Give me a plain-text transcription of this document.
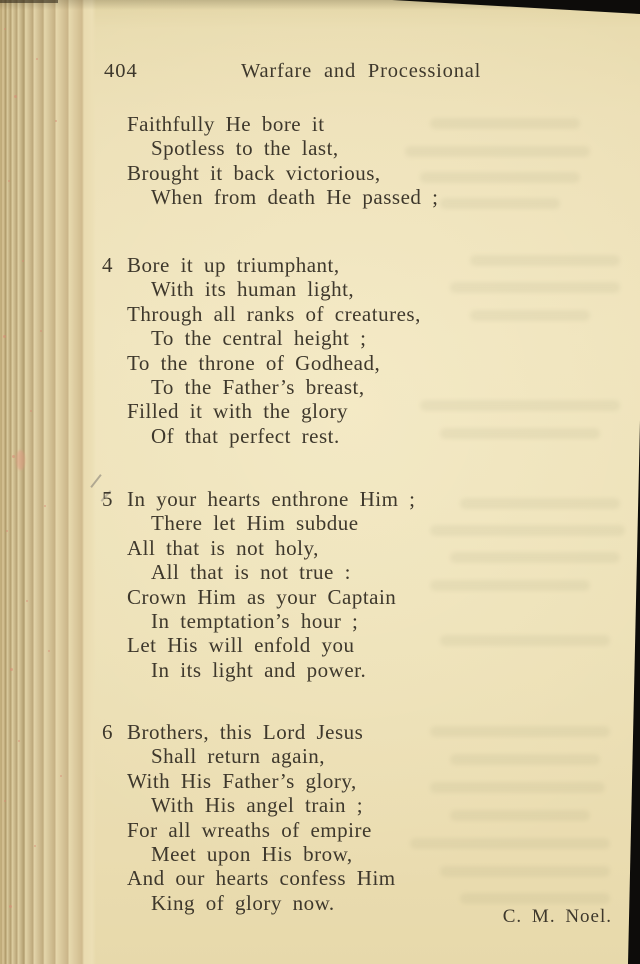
404	Warfare and Processional
Faithfully He bore it
Spotless to the last,
Brought it back victorious,
When from death He passed ;
4 Bore it up triumphant,
With its human light,
Through all ranks of creatures,
To the central height ;
To the throne of Godhead,
To the Father’s breast,
Filled it with the glory
Of that perfect rest.
5 In your hearts enthrone Him ;
There let Him subdue
All that is not holy,
All that is not true :
Crown Him as your Captain
In temptation’s hour ;
Let His will enfold you
In its light and power.
6 Brothers, this Lord Jesus
Shall return again,
With His Father’s glory,
With His angel train ;
For all wreaths of empire
Meet upon His brow,
And our hearts confess Him
King of glory now.
C. M. Noel.
